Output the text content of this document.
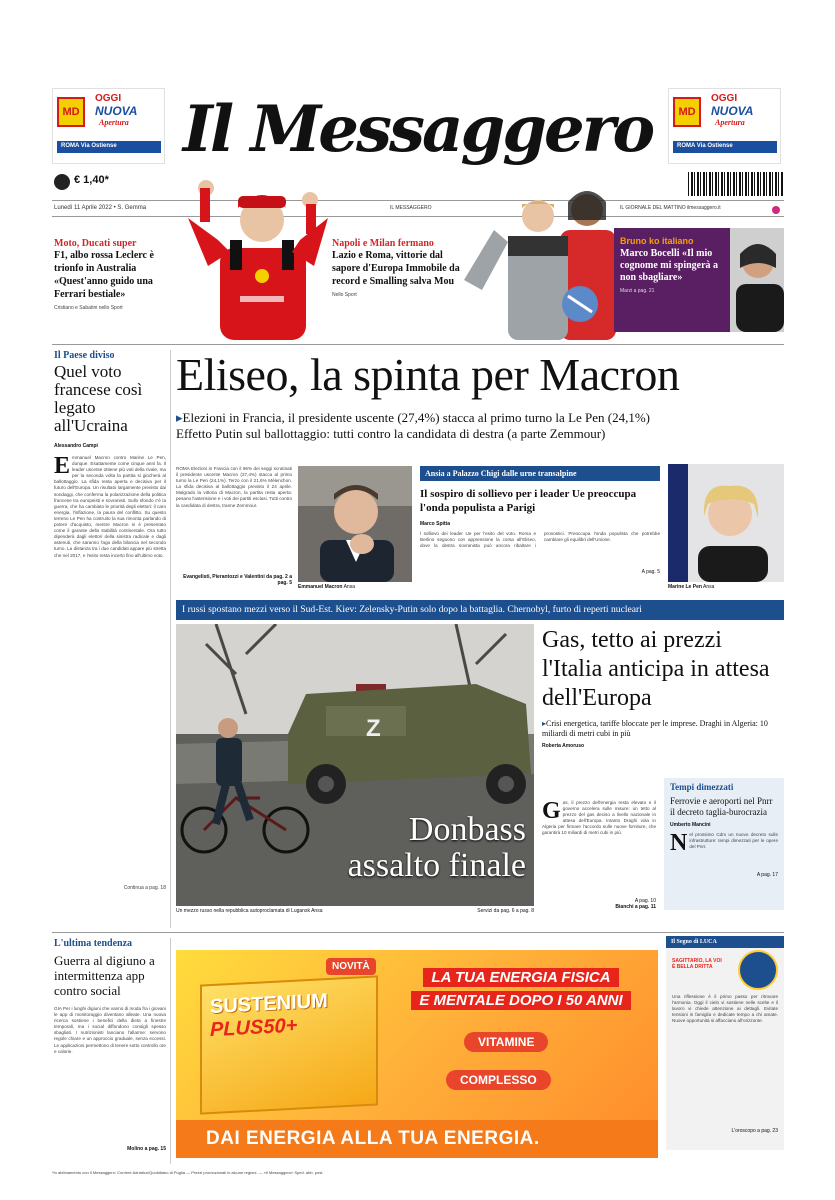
MD
OGGI
NUOVA
Apertura
ROMA Via Ostiense	Il Messaggero	MD
OGGI
NUOVA
Apertura
ROMA Via Ostiense
€ 1,40*
Lunedì 11 Aprile 2022 • S. Gemma	IL MESSAGGERO	IL GIORNALE DEL MATTINO ilmessaggero.it
Moto, Ducati super
F1, albo rossa Leclerc è trionfo in Australia «Quest'anno guido una Ferrari bestiale»
Cristiano e Sabatini nello Sport
Napoli e Milan fermano
Lazio e Roma, vittorie dal sapore d'Europa Immobile da record e Smalling salva Mou
Nello Sport
Bruno ko italiano
Marco Bocelli «Il mio cognome mi spingerà a non sbagliare»
Marzi a pag. 21
Il Paese diviso
Quel voto francese così legato all'Ucraina
Alessandro Campi
E mmanuel Macron contro Marine Le Pen, dunque. Esattamente come cinque anni fa. Il leader uscente ottiene più voti della rivale, ma per la seconda volta la partita si giocherà al ballottaggio. La sfida resta aperta e decisiva per il futuro dell'Europa. Un risultato largamente previsto dai sondaggi, che conferma la polarizzazione della politica francese tra europeisti e sovranisti. Sullo sfondo c'è la guerra, che ha cambiato le priorità degli elettori: il caro energia, l'inflazione, la paura del conflitto. Su questo terreno Le Pen ha costruito la sua rimonta parlando di potere d'acquisto, mentre Macron si è presentato come il garante della stabilità continentale. Ora tutto dipenderà dagli elettori della sinistra radicale e dagli astenuti, che saranno l'ago della bilancia nel secondo turno. La distanza tra i due candidati appare più stretta che nel 2017, e l'esito resta incerto fino all'ultimo voto.
Continua a pag. 18
Eliseo, la spinta per Macron
▸Elezioni in Francia, il presidente uscente (27,4%) stacca al primo turno la Le Pen (24,1%)
Effetto Putin sul ballottaggio: tutti contro la candidata di destra (a parte Zemmour)
ROMA Elezioni in Francia con il 96% dei seggi scrutinati il presidente uscente Macron (27,4%) stacca al primo turno la Le Pen (24,1%). Terzo con il 21,6% Mélenchon. La sfida decisiva al ballottaggio previsto il 24 aprile. Malgrado la vittoria di Macron, la partita resta aperta: pesano l'astensione e i voti dei partiti esclusi. Tutti contro la candidata di destra, tranne Zemmour.
Evangelisti, Pierantozzi e Valentini da pag. 2 a pag. 5
Emmanuel Macron Ansa
Ansia a Palazzo Chigi dalle urne transalpine
Il sospiro di sollievo per i leader Ue preoccupa l'onda populista a Parigi
Marco Spitta
l sollievo dei leader Ue per l'esito del voto. Roma e Berlino seguono con apprensione la corsa all'Eliseo, dove la destra sovranista può ancora ribaltare i pronostici. Preoccupa l'onda populista che potrebbe cambiare gli equilibri dell'Unione.
A pag. 5
Marine Le Pen Ansa
I russi spostano mezzi verso il Sud-Est. Kiev: Zelensky-Putin solo dopo la battaglia. Chernobyl, furto di reperti nucleari
Z
Donbass
assalto finale
Un mezzo russo nella repubblica autoproclamata di Lugansk Ansa	Servizi da pag. 6 a pag. 8
Gas, tetto ai prezzi l'Italia anticipa in attesa dell'Europa
▸Crisi energetica, tariffe bloccate per le imprese. Draghi in Algeria: 10 miliardi di metri cubi in più
Roberta Amoruso
G as, il prezzo dell'energia resta elevato e il governo accelera sulle misure: un tetto al prezzo del gas deciso a livello nazionale in attesa dell'Europa. Intanto Draghi vola in Algeria per firmare l'accordo sulle nuove forniture, che garantirà 10 miliardi di metri cubi in più.
A pag. 10
Bianchi a pag. 11
Tempi dimezzati
Ferrovie e aeroporti nel Pnrr il decreto taglia-burocrazia
Umberto Mancini
N el prossimo Cdm un nuovo decreto sulle infrastrutture: tempi dimezzati per le opere del Pnrr.
A pag. 17
L'ultima tendenza
Guerra al digiuno a intermittenza app contro social
GIA Per i lunghi digiuni che vanno di moda fra i giovani le app di monitoraggio diventano alleate. Una nuova ricerca sostiene i benefici della dieta a finestre temporali, ma i social diffondono consigli spesso sbagliati. I nutrizionisti lanciano l'allarme: servono regole chiare e un approccio graduale, senza eccessi. Le applicazioni permettono di tenere sotto controllo ore e calorie.
Molino a pag. 15
NOVITÀ
SUSTENIUM
PLUS50+
LA TUA ENERGIA FISICA E MENTALE DOPO I 50 ANNI
VITAMINE
COMPLESSO
DAI ENERGIA ALLA TUA ENERGIA.
Il Segno di LUCA
SAGITTARIO, LA VOI
È BELLA DRITTA
Una riflessione è il primo passo per ritrovare l'armonia. Oggi il cielo vi sostiene nelle scelte e il lavoro vi chiede attenzione ai dettagli. Evitate tensioni in famiglia e dedicate tempo a chi amate. Nuove opportunità si affacciano all'orizzonte.
L'oroscopo a pag. 23
*In abbinamento con Il Messaggero: Corriere Adriatico/Quotidiano di Puglia — Prezzi promozionali in alcune regioni. — «Il Messaggero» Sped. abb. post.
